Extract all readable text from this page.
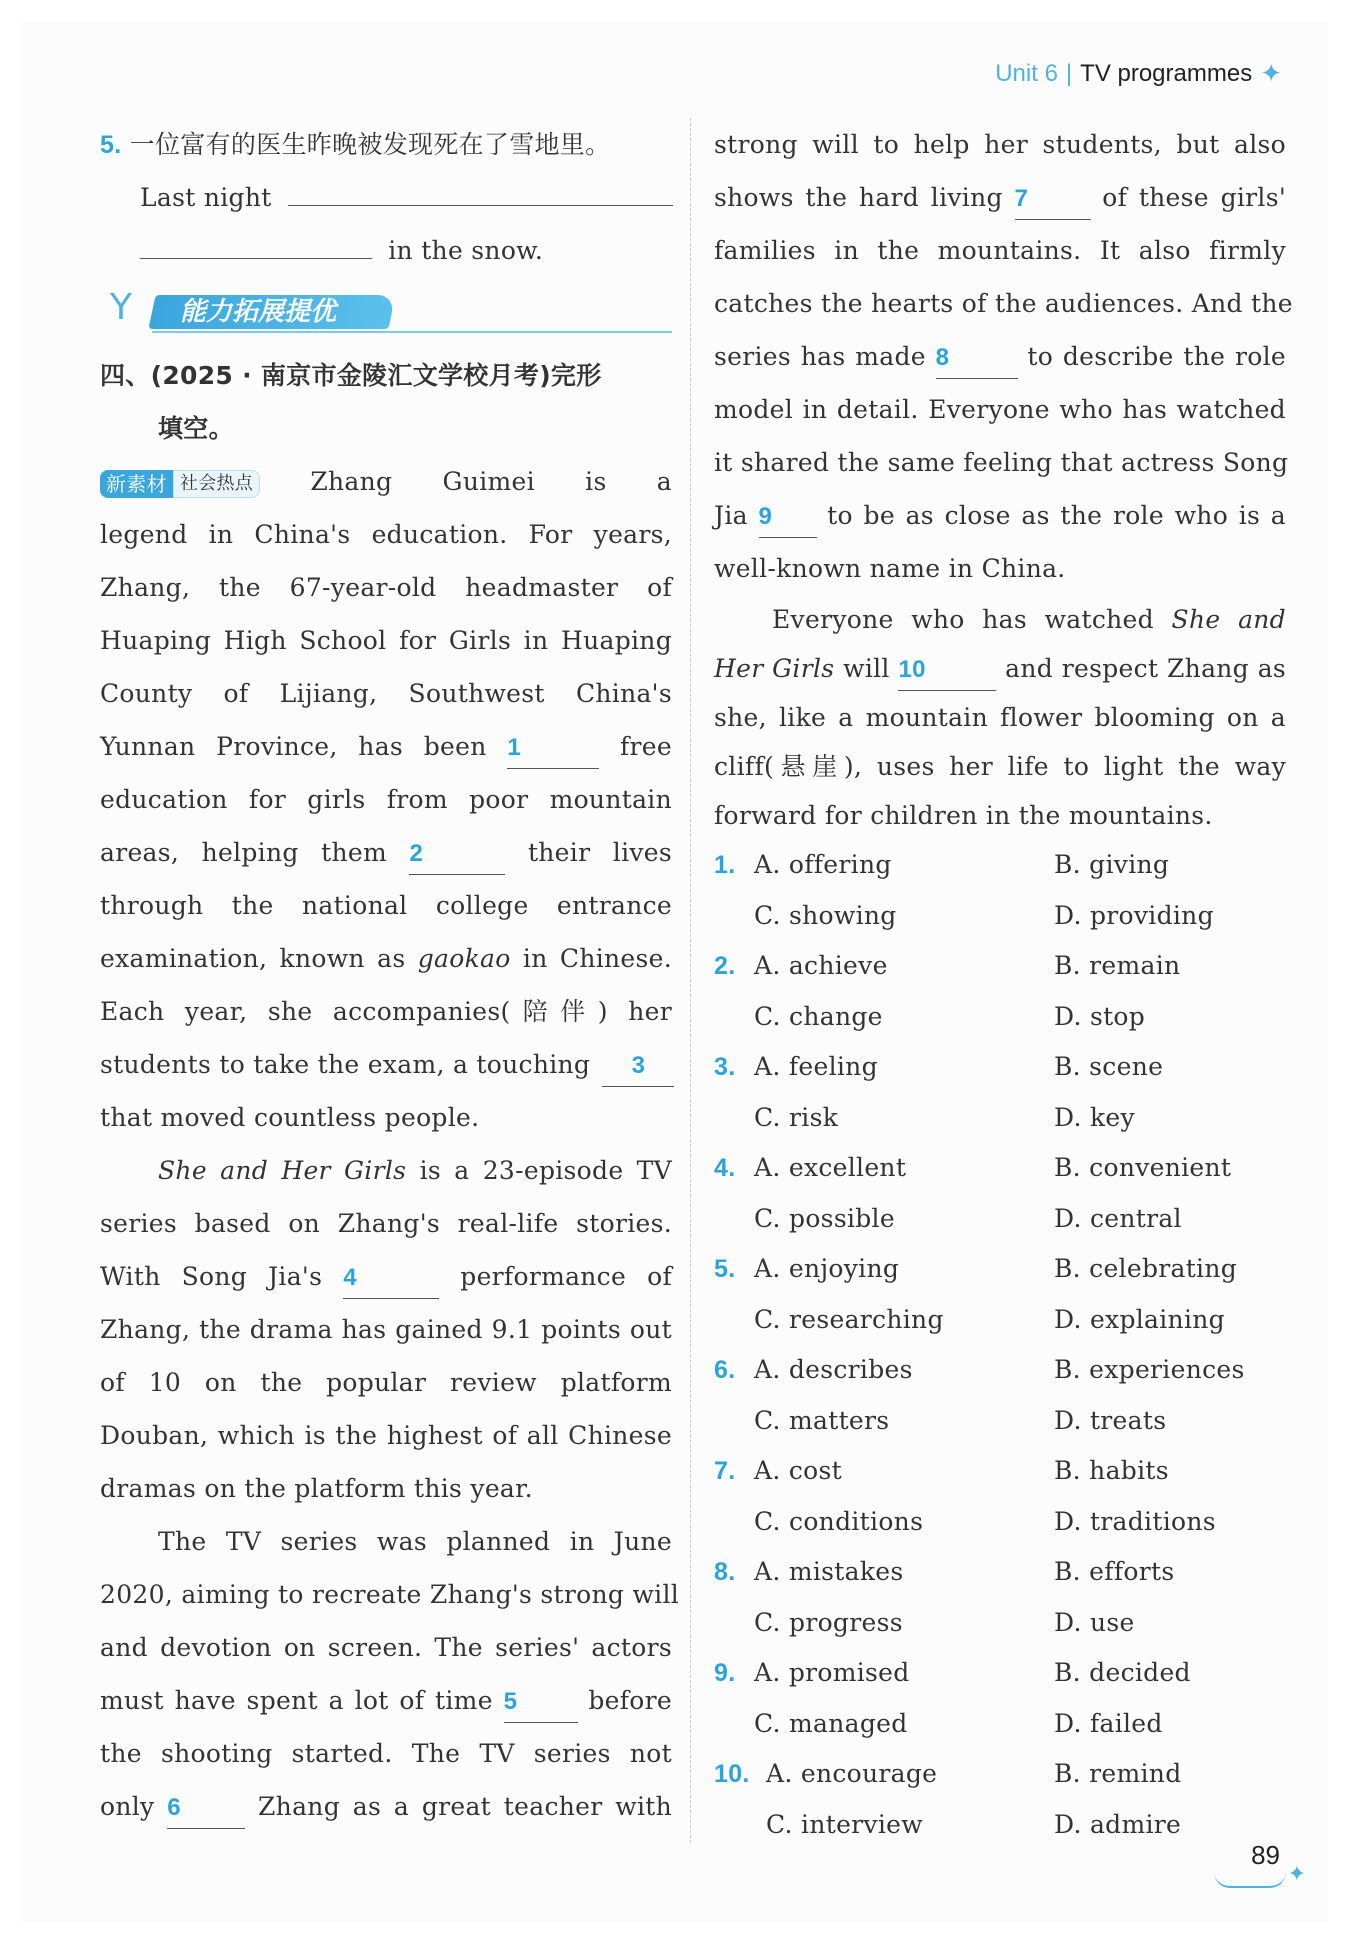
Unit 6 | TV programmes ✦
5. 一位富有的医生昨晚被发现死在了雪地里。
Last night
in the snow.
Y 能力拓展提优
四、(2025 · 南京市金陵汇文学校月考)完形
填空。
新素材 社会热点 Zhang Guimei is a
legend in China's education. For years,
Zhang, the 67-year-old headmaster of
Huaping High School for Girls in Huaping
County of Lijiang, Southwest China's
Yunnan Province, has been 1	free
education for girls from poor mountain
areas, helping them 2	their lives
through the national college entrance
examination, known as gaokao in Chinese.
Each year, she accompanies(陪伴) her
students to take the exam, a touching 3
that moved countless people.
She and Her Girls is a 23-episode TV
series based on Zhang's real-life stories.
With Song Jia's 4	performance of
Zhang, the drama has gained 9.1 points out
of 10 on the popular review platform
Douban, which is the highest of all Chinese
dramas on the platform this year.
The TV series was planned in June
2020, aiming to recreate Zhang's strong will
and devotion on screen. The series' actors
must have spent a lot of time 5	before
the shooting started. The TV series not
only 6	Zhang as a great teacher with
strong will to help her students, but also
shows the hard living 7	of these girls'
families in the mountains. It also firmly
catches the hearts of the audiences. And the
series has made 8	to describe the role
model in detail. Everyone who has watched
it shared the same feeling that actress Song
Jia 9 to be as close as the role who is a
well-known name in China.
Everyone who has watched She and
Her Girls will 10	and respect Zhang as
she, like a mountain flower blooming on a
cliff(悬崖), uses her life to light the way
forward for children in the mountains.
1. A. offering	B. giving
C. showing	D. providing
2. A. achieve	B. remain
C. change	D. stop
3. A. feeling	B. scene
C. risk	D. key
4. A. excellent	B. convenient
C. possible	D. central
5. A. enjoying	B. celebrating
C. researching	D. explaining
6. A. describes	B. experiences
C. matters	D. treats
7. A. cost	B. habits
C. conditions	D. traditions
8. A. mistakes	B. efforts
C. progress	D. use
9. A. promised	B. decided
C. managed	D. failed
10. A. encourage	B. remind
C. interview	D. admire
89
✦
